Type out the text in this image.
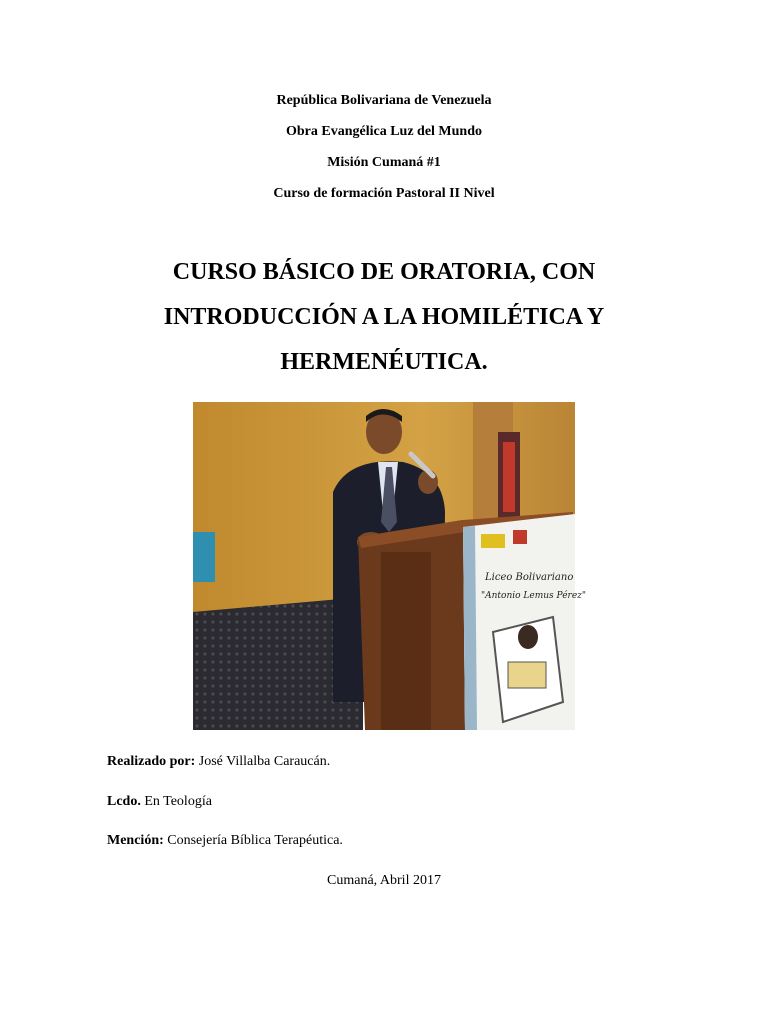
República Bolivariana de Venezuela
Obra Evangélica Luz del Mundo
Misión Cumaná #1
Curso de formación Pastoral II Nivel
CURSO BÁSICO DE ORATORIA, CON
INTRODUCCIÓN A LA HOMILÉTICA Y
HERMENÉUTICA.
Liceo Bolivariano
"Antonio Lemus Pérez"
Realizado por: José Villalba Caraucán.
Lcdo. En Teología
Mención: Consejería Bíblica Terapéutica.
Cumaná, Abril 2017
